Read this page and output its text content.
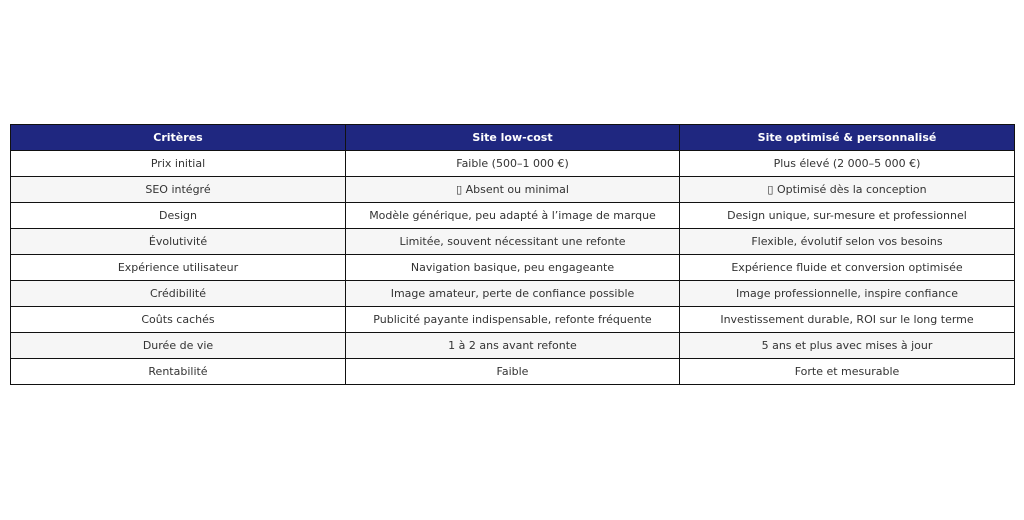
Critères	Site low-cost	Site optimisé & personnalisé
Prix initial	Faible (500–1 000 €)	Plus élevé (2 000–5 000 €)
SEO intégré	▯ Absent ou minimal	▯ Optimisé dès la conception
Design	Modèle générique, peu adapté à l’image de marque	Design unique, sur-mesure et professionnel
Évolutivité	Limitée, souvent nécessitant une refonte	Flexible, évolutif selon vos besoins
Expérience utilisateur	Navigation basique, peu engageante	Expérience fluide et conversion optimisée
Crédibilité	Image amateur, perte de confiance possible	Image professionnelle, inspire confiance
Coûts cachés	Publicité payante indispensable, refonte fréquente	Investissement durable, ROI sur le long terme
Durée de vie	1 à 2 ans avant refonte	5 ans et plus avec mises à jour
Rentabilité	Faible	Forte et mesurable
